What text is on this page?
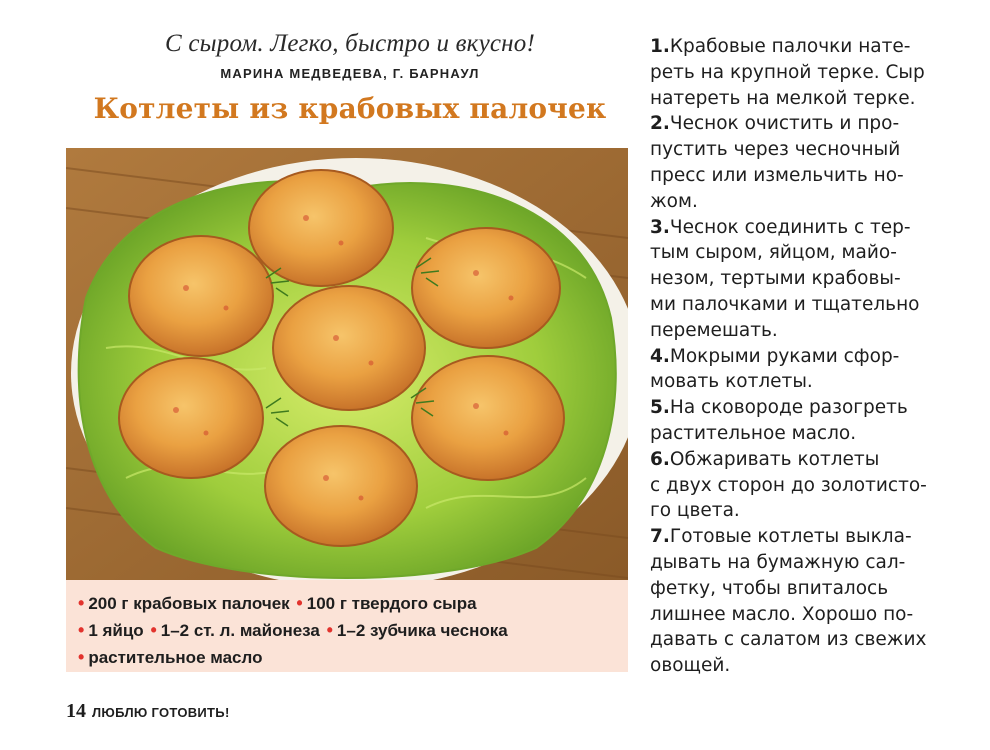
С сыром. Легко, быстро и вкусно!
МАРИНА МЕДВЕДЕВА, Г. БАРНАУЛ
Котлеты из крабовых палочек
• 200 г крабовых палочек • 100 г твердого сыра
• 1 яйцо • 1–2 ст. л. майонеза • 1–2 зубчика чеснока
• растительное масло
1.Крабовые палочки нате-
реть на крупной терке. Сыр
натереть на мелкой терке.
2.Чеснок очистить и про-
пустить через чесночный
пресс или измельчить но-
жом.
3.Чеснок соединить с тер-
тым сыром, яйцом, майо-
незом, тертыми крабовы-
ми палочками и тщательно
перемешать.
4.Мокрыми руками сфор-
мовать котлеты.
5.На сковороде разогреть
растительное масло.
6.Обжаривать котлеты
с двух сторон до золотисто-
го цвета.
7.Готовые котлеты выкла-
дывать на бумажную сал-
фетку, чтобы впиталось
лишнее масло. Хорошо по-
давать с салатом из свежих
овощей.
14 ЛЮБЛЮ ГОТОВИТЬ!
